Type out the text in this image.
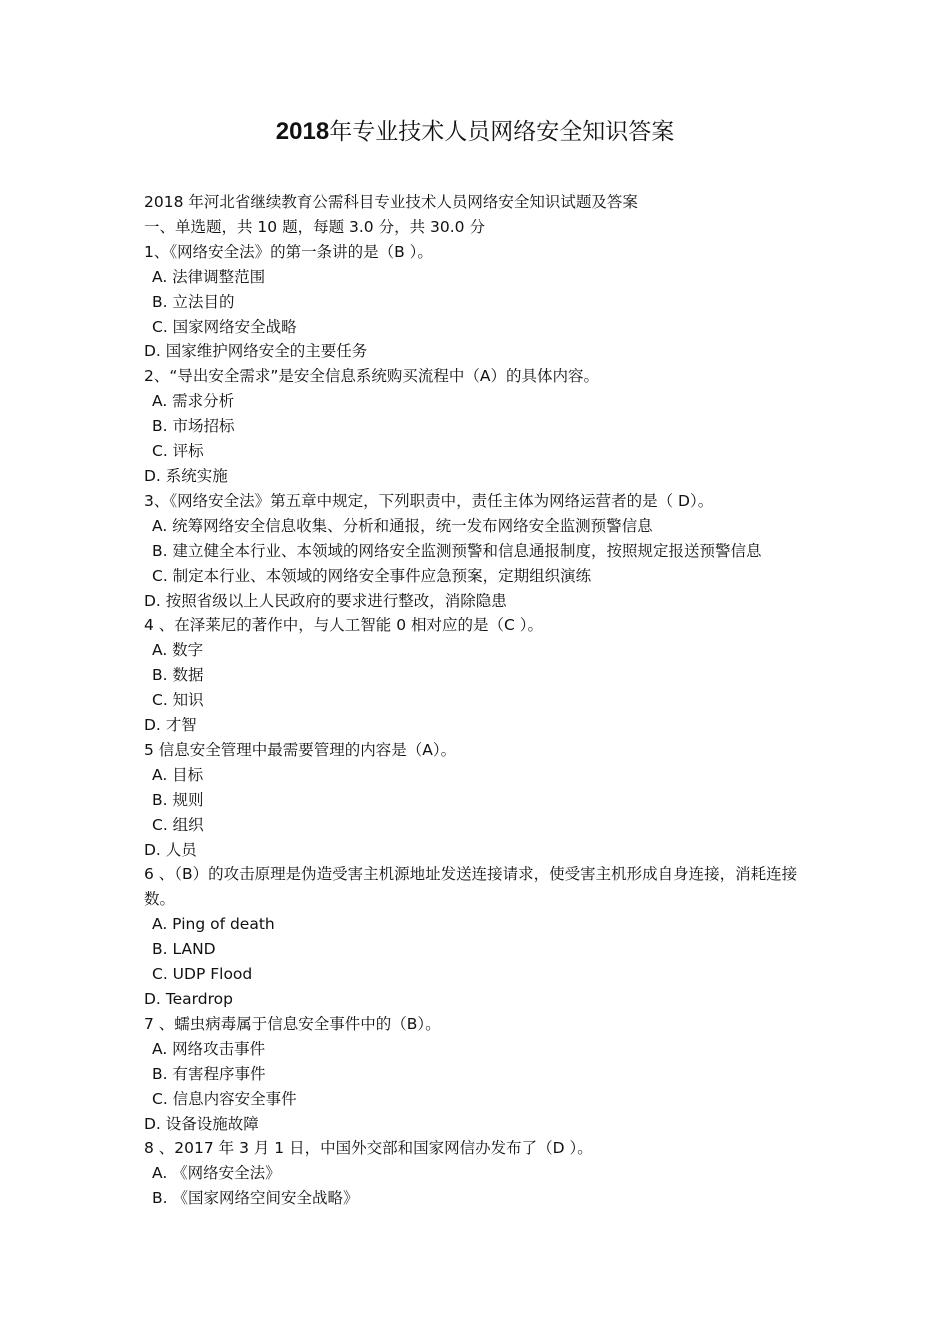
2018年专业技术人员网络安全知识答案
2018 年河北省继续教育公需科目专业技术人员网络安全知识试题及答案
一、单选题，共 10 题，每题 3.0 分，共 30.0 分
1、《网络安全法》的第一条讲的是（B ）。
A. 法律调整范围
B. 立法目的
C. 国家网络安全战略
D. 国家维护网络安全的主要任务
2、“导出安全需求”是安全信息系统购买流程中（A）的具体内容。
A. 需求分析
B. 市场招标
C. 评标
D. 系统实施
3、《网络安全法》第五章中规定，下列职责中，责任主体为网络运营者的是（ D）。
A. 统筹网络安全信息收集、分析和通报，统一发布网络安全监测预警信息
B. 建立健全本行业、本领域的网络安全监测预警和信息通报制度，按照规定报送预警信息
C. 制定本行业、本领域的网络安全事件应急预案，定期组织演练
D. 按照省级以上人民政府的要求进行整改，消除隐患
4 、在泽莱尼的著作中，与人工智能 0 相对应的是（C ）。
A. 数字
B. 数据
C. 知识
D. 才智
5 信息安全管理中最需要管理的内容是（A）。
A. 目标
B. 规则
C. 组织
D. 人员
6 、（B）的攻击原理是伪造受害主机源地址发送连接请求，使受害主机形成自身连接，消耗连接数。
A. Ping of death
B. LAND
C. UDP Flood
D. Teardrop
7 、蠕虫病毒属于信息安全事件中的（B）。
A. 网络攻击事件
B. 有害程序事件
C. 信息内容安全事件
D. 设备设施故障
8 、2017 年 3 月 1 日，中国外交部和国家网信办发布了（D ）。
A. 《网络安全法》
B. 《国家网络空间安全战略》
